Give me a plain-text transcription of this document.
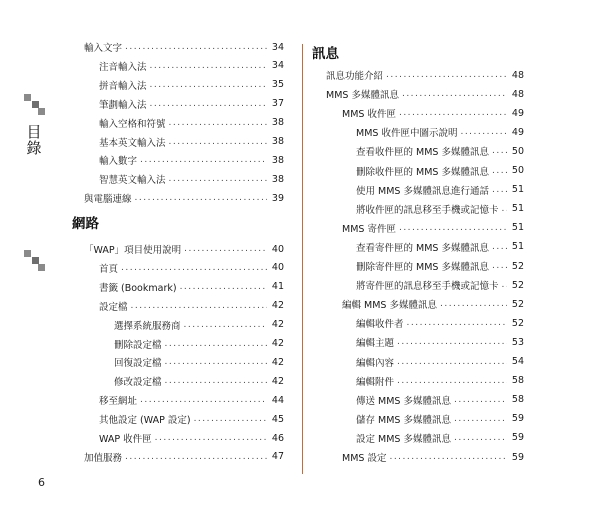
目錄
6
輸入文字 .....	34
注音輸入法 .....	34
拼音輸入法 .....	35
筆劃輸入法 .....	37
輸入空格和符號 .....	38
基本英文輸入法 .....	38
輸入數字 .....	38
智慧英文輸入法 .....	38
與電腦連線 .....	39
「WAP」項目使用說明 .....	40
首頁 .....	40
書籤 (Bookmark) .....	41
設定檔 .....	42
選擇系統服務商 .....	42
刪除設定檔 .....	42
回復設定檔 .....	42
修改設定檔 .....	42
移至網址 .....	44
其他設定 (WAP 設定) .....	45
WAP 收件匣 .....	46
加值服務 .....	47
網路
訊息功能介紹 .....	48
MMS 多媒體訊息 .....	48
MMS 收件匣 .....	49
MMS 收件匣中圖示說明 .....	49
查看收件匣的 MMS 多媒體訊息 ..... 50
刪除收件匣的 MMS 多媒體訊息 ..... 50
使用 MMS 多媒體訊息進行通話 ..... 51
將收件匣的訊息移至手機或記憶卡 ..... 51
MMS 寄件匣 .....	51
查看寄件匣的 MMS 多媒體訊息 ..... 51
刪除寄件匣的 MMS 多媒體訊息 ..... 52
將寄件匣的訊息移至手機或記憶卡 ..... 52
編輯 MMS 多媒體訊息 .....	52
編輯收件者 .....	52
編輯主題 .....	53
編輯內容 .....	54
編輯附件 .....	58
傳送 MMS 多媒體訊息 .....	58
儲存 MMS 多媒體訊息 .....	59
設定 MMS 多媒體訊息 .....	59
MMS 設定 .....	59
訊息
